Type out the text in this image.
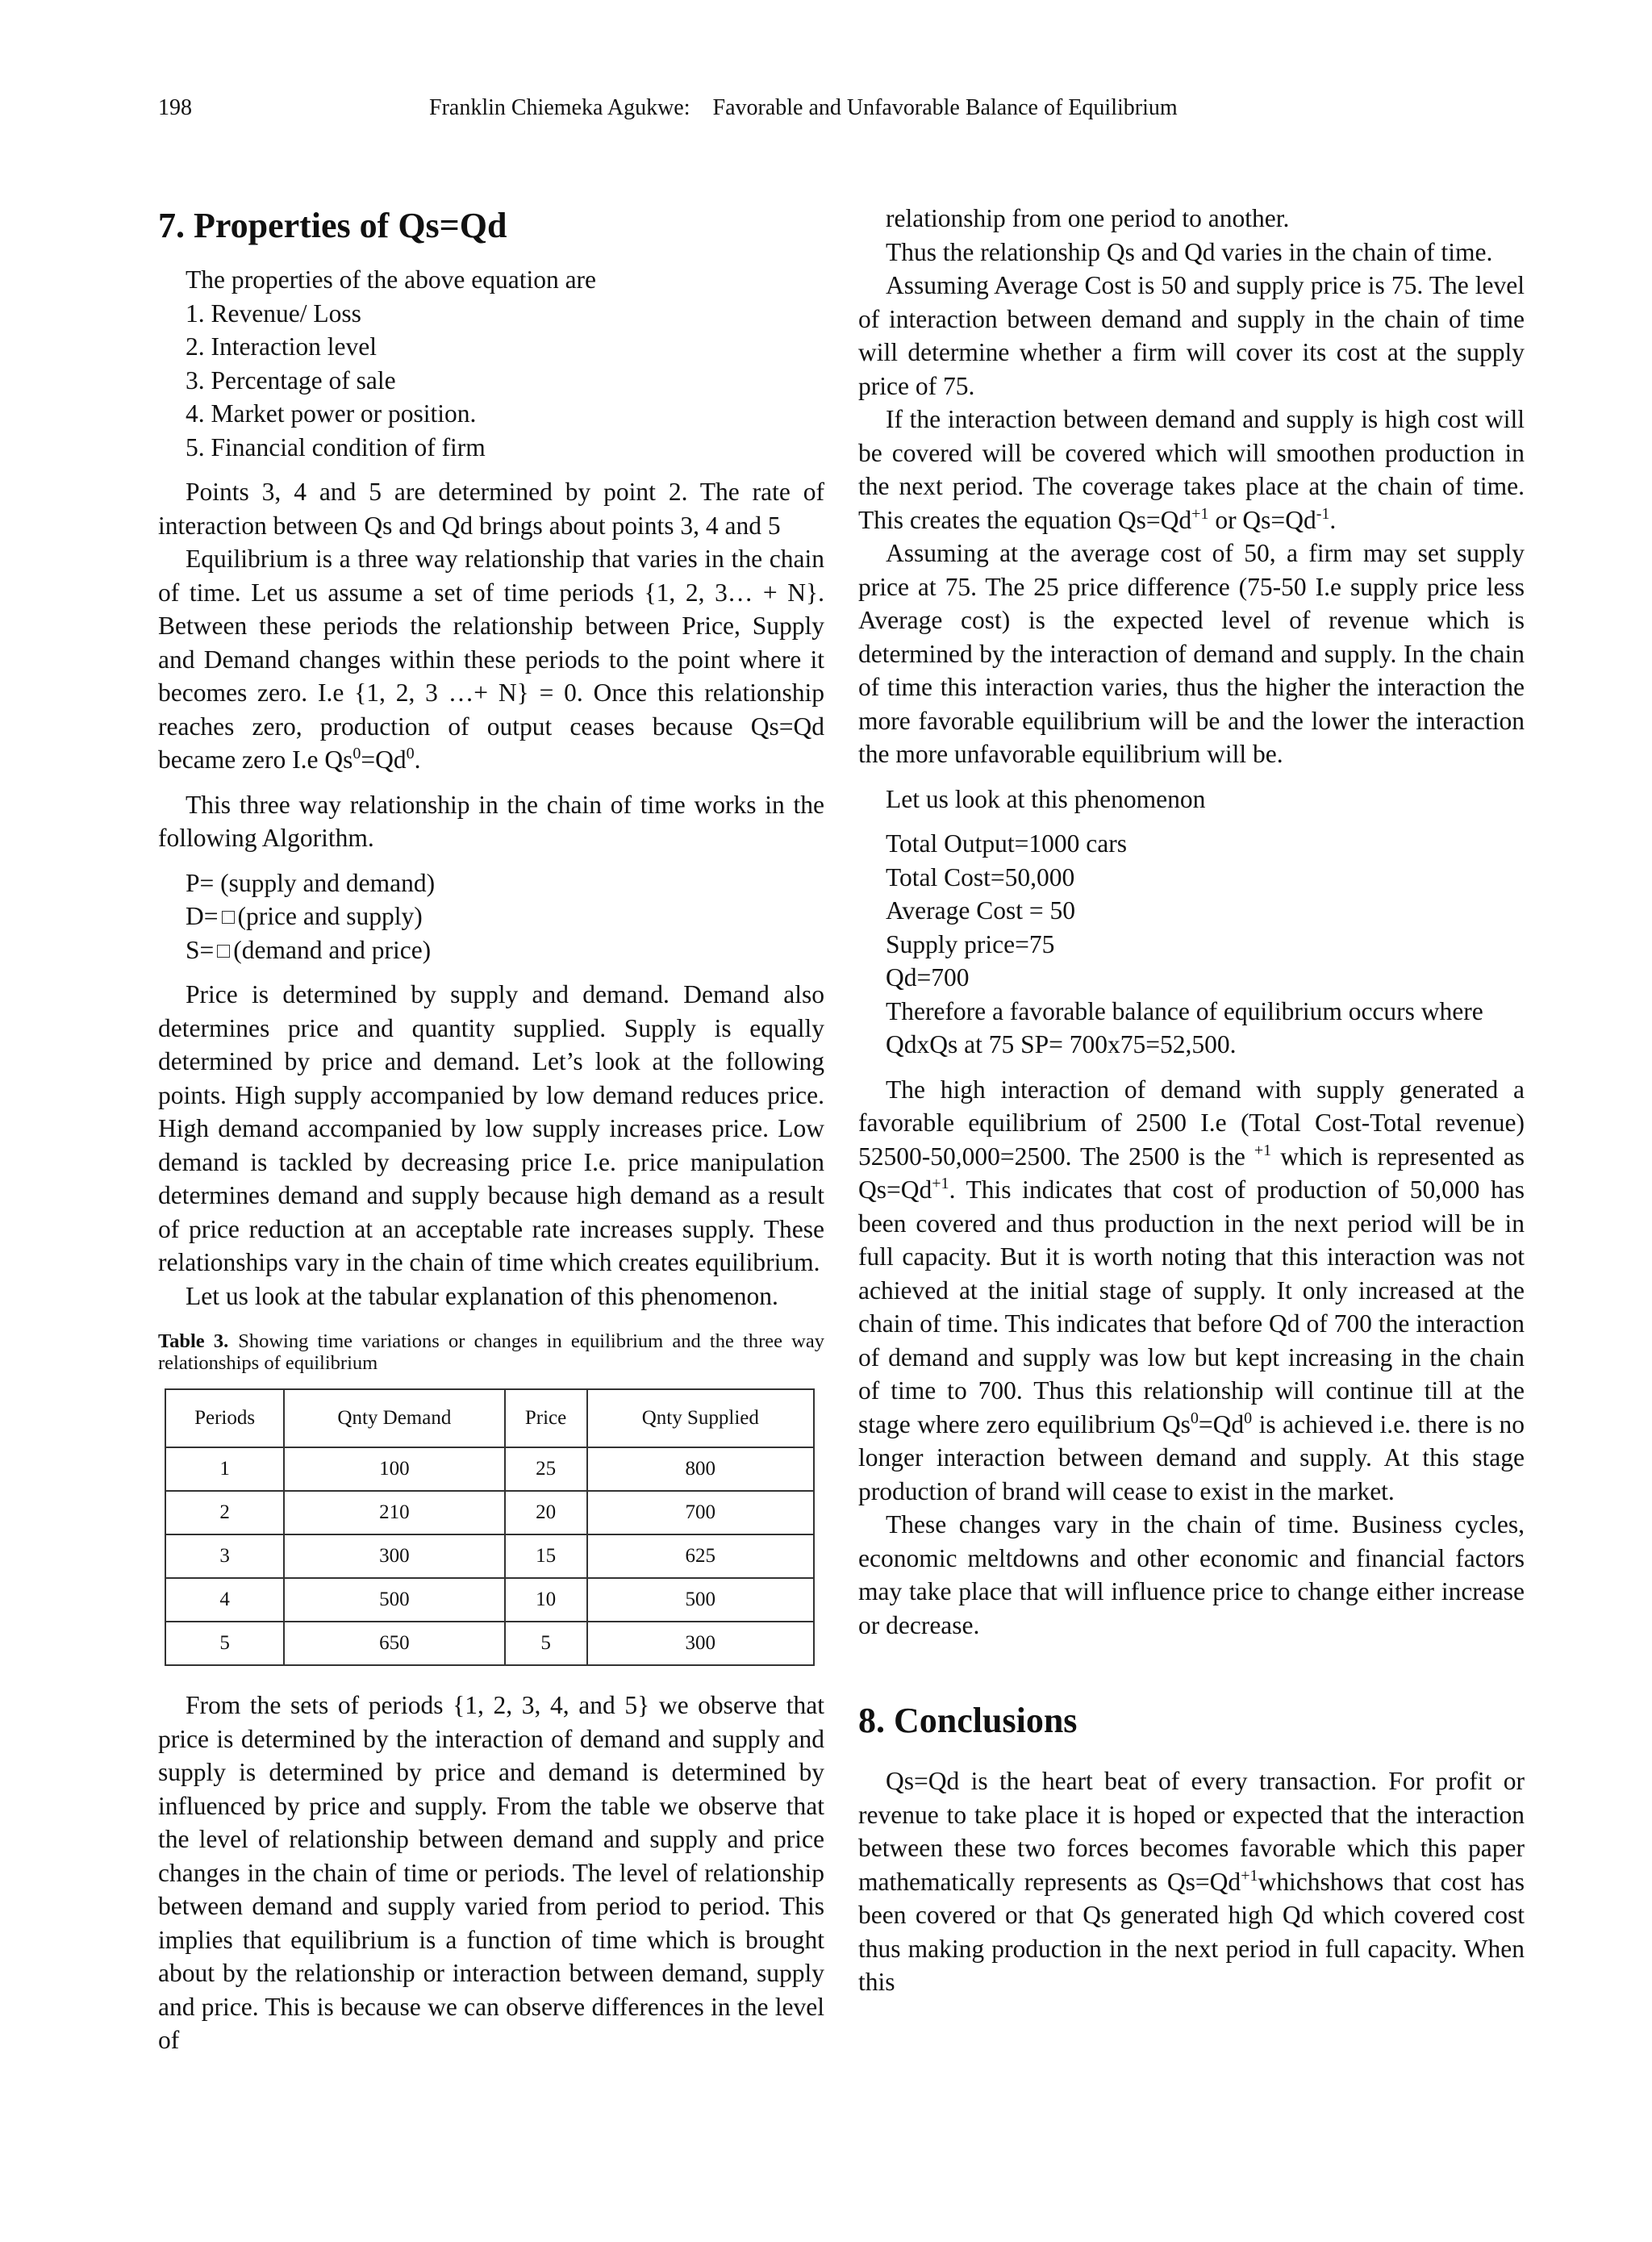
198	Franklin Chiemeka Agukwe:    Favorable and Unfavorable Balance of Equilibrium
7. Properties of Qs=Qd
The properties of the above equation are
1. Revenue/ Loss
2. Interaction level
3. Percentage of sale
4. Market power or position.
5. Financial condition of firm

Points 3, 4 and 5 are determined by point 2. The rate of interaction between Qs and Qd brings about points 3, 4 and 5

Equilibrium is a three way relationship that varies in the chain of time. Let us assume a set of time periods {1, 2, 3… + N}. Between these periods the relationship between Price, Supply and Demand changes within these periods to the point where it becomes zero. I.e {1, 2, 3 …+ N} = 0. Once this relationship reaches zero, production of output ceases because Qs=Qd became zero I.e $Qs^0=Qd^0$.

This three way relationship in the chain of time works in the following Algorithm.

P= (supply and demand)
D= (price and supply)
S= (demand and price)

Price is determined by supply and demand. Demand also determines price and quantity supplied. Supply is equally determined by price and demand. Let’s look at the following points. High supply accompanied by low demand reduces price. High demand accompanied by low supply increases price. Low demand is tackled by decreasing price I.e. price manipulation determines demand and supply because high demand as a result of price reduction at an acceptable rate increases supply. These relationships vary in the chain of time which creates equilibrium.

Let us look at the tabular explanation of this phenomenon.

Table 3. Showing time variations or changes in equilibrium and the three way relationships of equilibrium
Periods	Qnty Demand	Price	Qnty Supplied
1	100	25	800
2	210	20	700
3	300	15	625
4	500	10	500
5	650	5	300

From the sets of periods {1, 2, 3, 4, and 5} we observe that price is determined by the interaction of demand and supply and supply is determined by price and demand is determined by influenced by price and supply. From the table we observe that the level of relationship between demand and supply and price changes in the chain of time or periods. The level of relationship between demand and supply varied from period to period. This implies that equilibrium is a function of time which is brought about by the relationship or interaction between demand, supply and price. This is because we can observe differences in the level of

relationship from one period to another.

Thus the relationship Qs and Qd varies in the chain of time.

Assuming Average Cost is 50 and supply price is 75. The level of interaction between demand and supply in the chain of time will determine whether a firm will cover its cost at the supply price of 75.

If the interaction between demand and supply is high cost will be covered will be covered which will smoothen production in the next period. The coverage takes place at the chain of time. This creates the equation $Qs=Qd^{+1}$ or $Qs=Qd^{-1}$.

Assuming at the average cost of 50, a firm may set supply price at 75. The 25 price difference (75-50 I.e supply price less Average cost) is the expected level of revenue which is determined by the interaction of demand and supply. In the chain of time this interaction varies, thus the higher the interaction the more favorable equilibrium will be and the lower the interaction the more unfavorable equilibrium will be.

Let us look at this phenomenon

Total Output=1000 cars
Total Cost=50,000
Average Cost = 50
Supply price=75
Qd=700
Therefore a favorable balance of equilibrium occurs where QdxQs at 75 SP= 700x75=52,500.

The high interaction of demand with supply generated a favorable equilibrium of 2500 I.e (Total Cost-Total revenue) 52500-50,000=2500. The 2500 is the $^{+1}$ which is represented as $Qs=Qd^{+1}$. This indicates that cost of production of 50,000 has been covered and thus production in the next period will be in full capacity. But it is worth noting that this interaction was not achieved at the initial stage of supply. It only increased at the chain of time. This indicates that before Qd of 700 the interaction of demand and supply was low but kept increasing in the chain of time to 700. Thus this relationship will continue till at the stage where zero equilibrium $Qs^0=Qd^0$ is achieved i.e. there is no longer interaction between demand and supply. At this stage production of brand will cease to exist in the market.

These changes vary in the chain of time. Business cycles, economic meltdowns and other economic and financial factors may take place that will influence price to change either increase or decrease.

8. Conclusions

Qs=Qd is the heart beat of every transaction. For profit or revenue to take place it is hoped or expected that the interaction between these two forces becomes favorable which this paper mathematically represents as $Qs=Qd^{+1}whichshows$ that cost has been covered or that Qs generated high Qd which covered cost thus making production in the next period in full capacity. When this
